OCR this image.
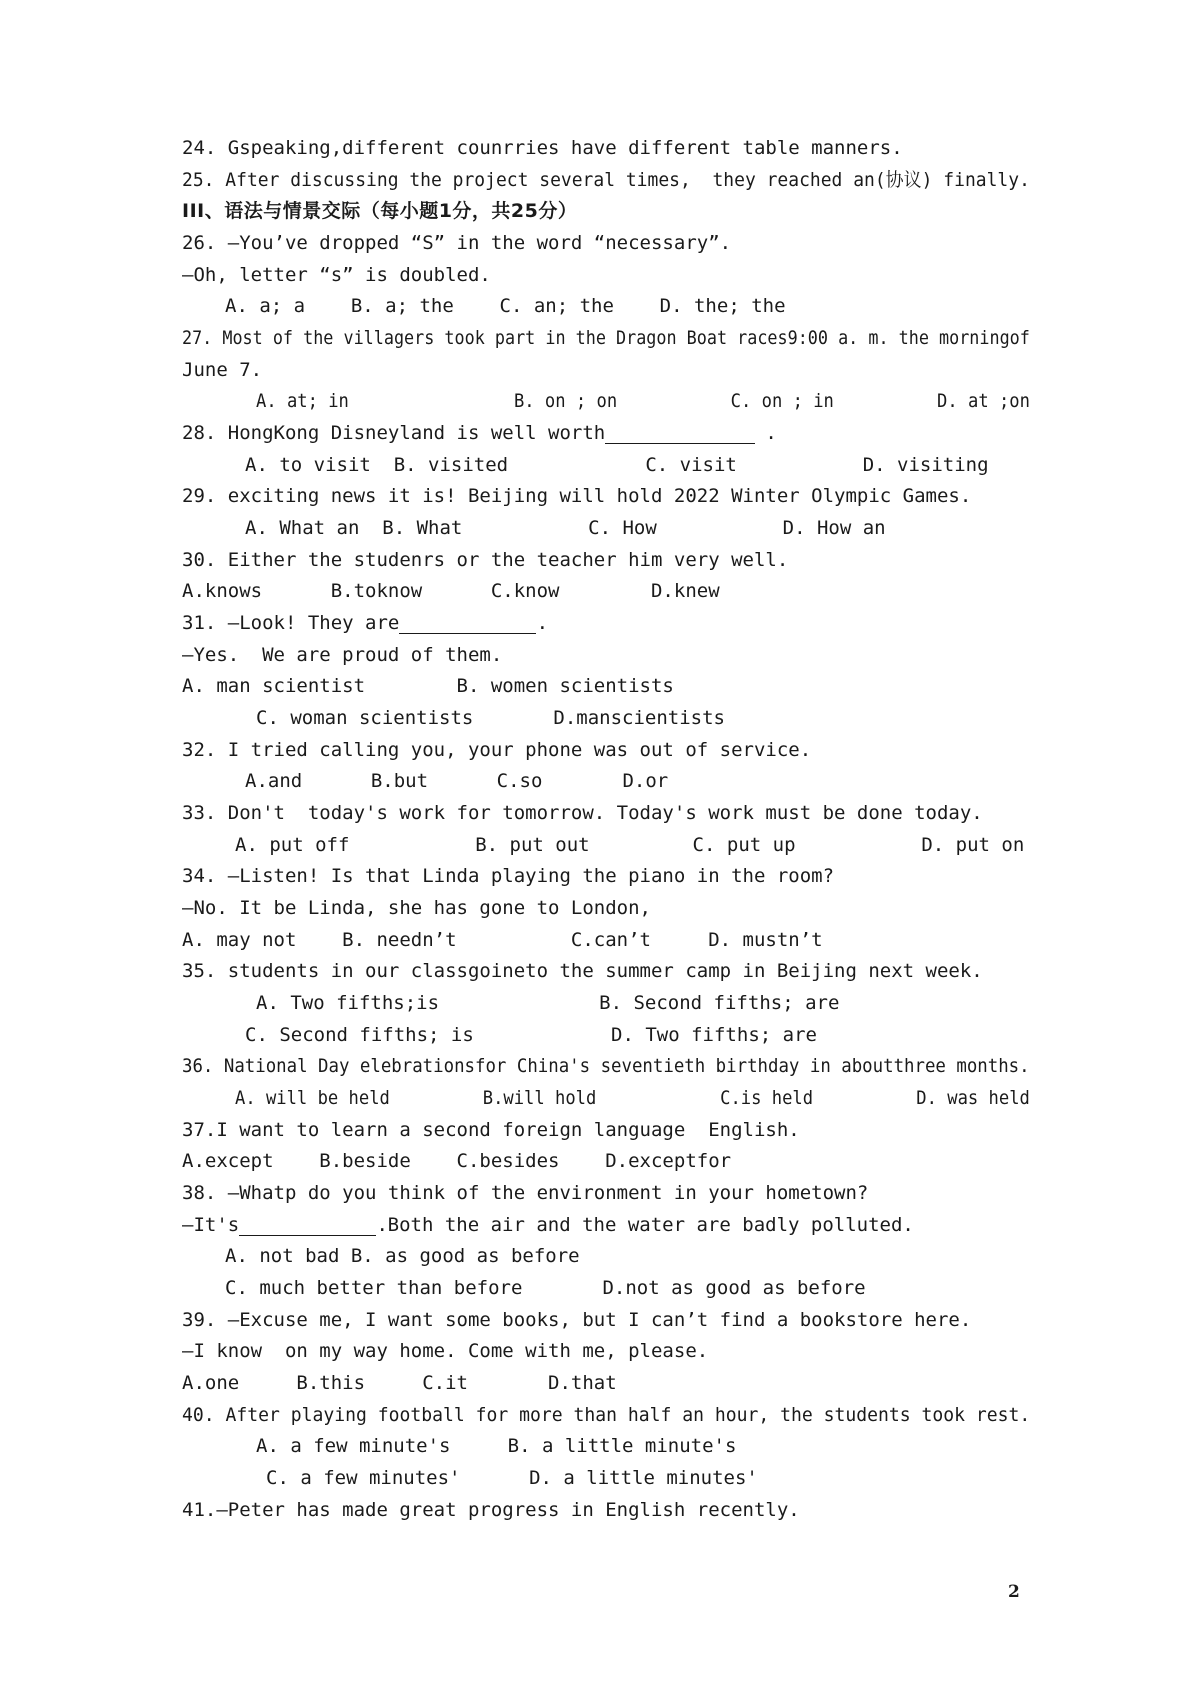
24. Gspeaking,different counrries have different table manners.
25. After discussing the project several times,  they reached an(协议) finally.
III、语法与情景交际（每小题1分，共25分）
26. —You’ve dropped “S” in the word “necessary”.
—Oh, letter “s” is doubled.
A. a; a    B. a; the    C. an; the    D. the; the
27. Most of the villagers took part in the Dragon Boat races9:00 a. m. the morningof
June 7.
A. at; in                B. on ; on           C. on ; in          D. at ;on
28. HongKong Disneyland is well worth              .
A. to visit  B. visited            C. visit           D. visiting
29. exciting news it is! Beijing will hold 2022 Winter Olympic Games.
A. What an  B. What           C. How           D. How an
30. Either the studenrs or the teacher him very well.
A.knows      B.toknow      C.know        D.knew
31. —Look! They are            .
—Yes.  We are proud of them.
A. man scientist        B. women scientists
C. woman scientists       D.manscientists
32. I tried calling you, your phone was out of service.
A.and      B.but      C.so       D.or
33. Don't  today's work for tomorrow. Today's work must be done today.
A. put off           B. put out         C. put up           D. put on
34. —Listen! Is that Linda playing the piano in the room?
—No. It be Linda, she has gone to London,
A. may not    B. needn’t          C.can’t     D. mustn’t
35. students in our classgoineto the summer camp in Beijing next week.
A. Two fifths;is              B. Second fifths; are
C. Second fifths; is            D. Two fifths; are
36. National Day elebrationsfor China's seventieth birthday in aboutthree months.
A. will be held         B.will hold            C.is held          D. was held
37.I want to learn a second foreign language  English.
A.except    B.beside    C.besides    D.exceptfor
38. —Whatp do you think of the environment in your hometown?
—It's            . Both the air and the water are badly polluted.
A. not bad B. as good as before
C. much better than before       D.not as good as before
39. —Excuse me, I want some books, but I can’t find a bookstore here.
—I know  on my way home. Come with me, please.
A.one     B.this     C.it       D.that
40. After playing football for more than half an hour, the students took rest.
A. a few minute's     B. a little minute's
C. a few minutes'      D. a little minutes'
41.—Peter has made great progress in English recently.
2
